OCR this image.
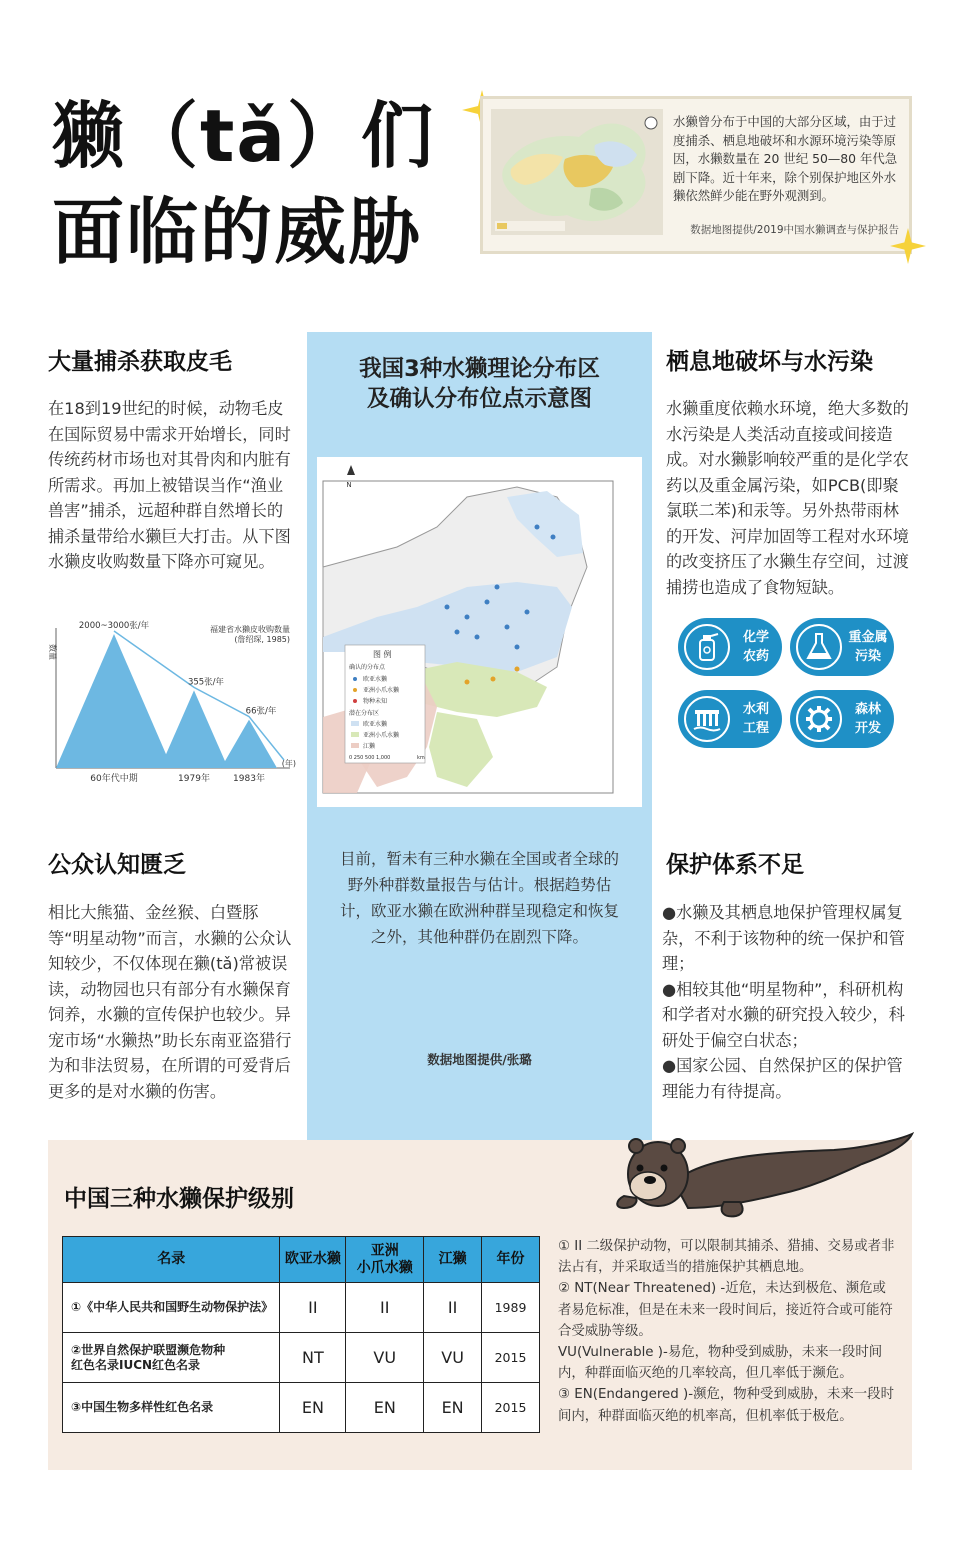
獭（tǎ）们
面临的威胁
水獭曾分布于中国的大部分区域，由于过度捕杀、栖息地破坏和水源环境污染等原因，水獭数量在 20 世纪 50—80 年代急剧下降。近十年来，除个别保护地区外水獭依然鲜少能在野外观测到。
数据地图提供/2019中国水獭调查与保护报告
大量捕杀获取皮毛
在18到19世纪的时候，动物毛皮在国际贸易中需求开始增长，同时传统药材市场也对其骨肉和内脏有所需求。再加上被错误当作“渔业兽害”捕杀，远超种群自然增长的捕杀量带给水獭巨大打击。从下图水獭皮收购数量下降亦可窥见。
2000~3000张/年
355张/年
66张/年
60年代中期	1979年	1983年
福建省水獭皮收购数量
(詹绍琛, 1985)
数量
(年)
我国3种水獭理论分布区
及确认分布位点示意图
N
图 例
确认的分布点
欧亚水獭
亚洲小爪水獭
物种未知
潜在分布区
欧亚水獭
亚洲小爪水獭
江獭
0 250 500 1,000	km
目前，暂未有三种水獭在全国或者全球的野外种群数量报告与估计。根据趋势估计，欧亚水獭在欧洲种群呈现稳定和恢复之外，其他种群仍在剧烈下降。
数据地图提供/张璐
栖息地破坏与水污染
水獭重度依赖水环境，绝大多数的水污染是人类活动直接或间接造成。对水獭影响较严重的是化学农药以及重金属污染，如PCB(即聚氯联二苯)和汞等。另外热带雨林的开发、河岸加固等工程对水环境的改变挤压了水獭生存空间，过渡捕捞也造成了食物短缺。
化学
农药
重金属
污染
水利
工程
森林
开发
公众认知匮乏
相比大熊猫、金丝猴、白暨豚等“明星动物”而言，水獭的公众认知较少，不仅体现在獭(tǎ)常被误读，动物园也只有部分有水獭保育饲养，水獭的宣传保护也较少。异宠市场“水獭热”助长东南亚盗猎行为和非法贸易，在所谓的可爱背后更多的是对水獭的伤害。
保护体系不足
●水獭及其栖息地保护管理权属复杂，不利于该物种的统一保护和管理；
●相较其他“明星物种”，科研机构和学者对水獭的研究投入较少，科研处于偏空白状态；
●国家公园、自然保护区的保护管理能力有待提高。
中国三种水獭保护级别
名录	欧亚水獭	亚洲
小爪水獭	江獭	年份
①《中华人民共和国野生动物保护法》	II	II	II	1989
②世界自然保护联盟濒危物种
红色名录IUCN红色名录	NT	VU	VU	2015
③中国生物多样性红色名录	EN	EN	EN	2015

① II 二级保护动物，可以限制其捕杀、猎捕、交易或者非法占有，并采取适当的措施保护其栖息地。

② NT(Near Threatened) -近危，未达到极危、濒危或者易危标准，但是在未来一段时间后，接近符合或可能符合受威胁等级。

VU(Vulnerable )-易危，物种受到威胁，未来一段时间内，种群面临灭绝的几率较高，但几率低于濒危。

③ EN(Endangered )-濒危，物种受到威胁，未来一段时间内，种群面临灭绝的机率高，但机率低于极危。
